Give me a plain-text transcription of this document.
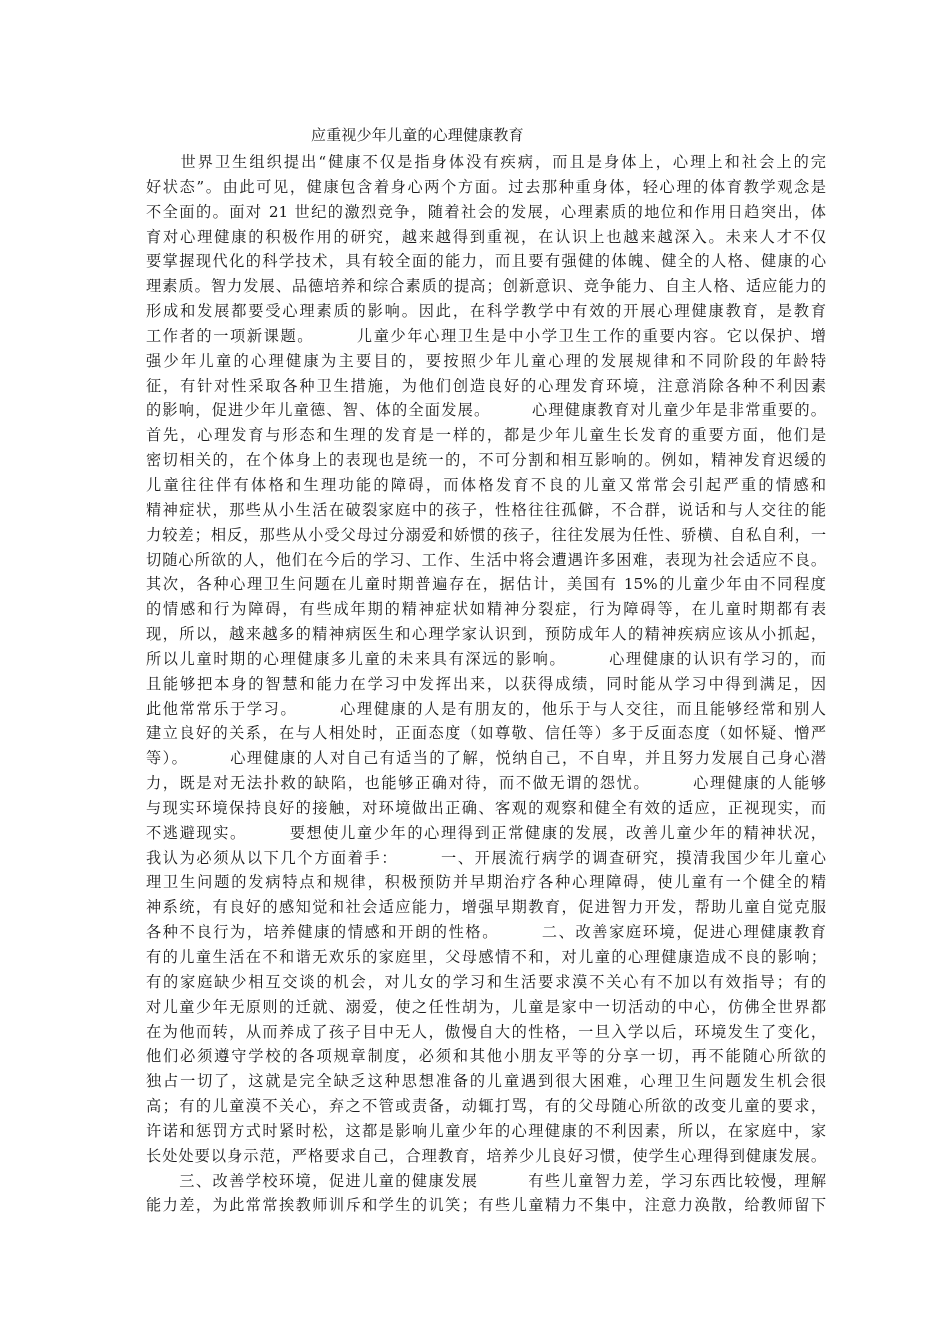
应重视少年儿童的心理健康教育
　　世界卫生组织提出“健康不仅是指身体没有疾病，而且是身体上，心理上和社会上的完
好状态”。由此可见，健康包含着身心两个方面。过去那种重身体，轻心理的体育教学观念是
不全面的。面对 21 世纪的激烈竞争，随着社会的发展，心理素质的地位和作用日趋突出，体
育对心理健康的积极作用的研究，越来越得到重视，在认识上也越来越深入。未来人才不仅
要掌握现代化的科学技术，具有较全面的能力，而且要有强健的体魄、健全的人格、健康的心
理素质。智力发展、品德培养和综合素质的提高；创新意识、竞争能力、自主人格、适应能力的
形成和发展都要受心理素质的影响。因此，在科学教学中有效的开展心理健康教育，是教育
工作者的一项新课题。　　　儿童少年心理卫生是中小学卫生工作的重要内容。它以保护、增
强少年儿童的心理健康为主要目的，要按照少年儿童心理的发展规律和不同阶段的年龄特
征，有针对性采取各种卫生措施，为他们创造良好的心理发育环境，注意消除各种不利因素
的影响，促进少年儿童德、智、体的全面发展。　　　心理健康教育对儿童少年是非常重要的。
首先，心理发育与形态和生理的发育是一样的，都是少年儿童生长发育的重要方面，他们是
密切相关的，在个体身上的表现也是统一的，不可分割和相互影响的。例如，精神发育迟缓的
儿童往往伴有体格和生理功能的障碍，而体格发育不良的儿童又常常会引起严重的情感和
精神症状，那些从小生活在破裂家庭中的孩子，性格往往孤僻，不合群，说话和与人交往的能
力较差；相反，那些从小受父母过分溺爱和娇惯的孩子，往往发展为任性、骄横、自私自利，一
切随心所欲的人，他们在今后的学习、工作、生活中将会遭遇许多困难，表现为社会适应不良。
其次，各种心理卫生问题在儿童时期普遍存在，据估计，美国有 15%的儿童少年由不同程度
的情感和行为障碍，有些成年期的精神症状如精神分裂症，行为障碍等，在儿童时期都有表
现，所以，越来越多的精神病医生和心理学家认识到，预防成年人的精神疾病应该从小抓起，
所以儿童时期的心理健康多儿童的未来具有深远的影响。　　　心理健康的认识有学习的，而
且能够把本身的智慧和能力在学习中发挥出来，以获得成绩，同时能从学习中得到满足，因
此他常常乐于学习。　　　心理健康的人是有朋友的，他乐于与人交往，而且能够经常和别人
建立良好的关系，在与人相处时，正面态度（如尊敬、信任等）多于反面态度（如怀疑、憎严
等）。　　　心理健康的人对自己有适当的了解，悦纳自己，不自卑，并且努力发展自己身心潜
力，既是对无法扑救的缺陷，也能够正确对待，而不做无谓的怨忧。　　　心理健康的人能够
与现实环境保持良好的接触，对环境做出正确、客观的观察和健全有效的适应，正视现实，而
不逃避现实。　　　要想使儿童少年的心理得到正常健康的发展，改善儿童少年的精神状况，
我认为必须从以下几个方面着手：　　　一、开展流行病学的调查研究，摸清我国少年儿童心
理卫生问题的发病特点和规律，积极预防并早期治疗各种心理障碍，使儿童有一个健全的精
神系统，有良好的感知觉和社会适应能力，增强早期教育，促进智力开发，帮助儿童自觉克服
各种不良行为，培养健康的情感和开朗的性格。　　　二、改善家庭环境，促进心理健康教育
有的儿童生活在不和谐无欢乐的家庭里，父母感情不和，对儿童的心理健康造成不良的影响；
有的家庭缺少相互交谈的机会，对儿女的学习和生活要求漠不关心有不加以有效指导；有的
对儿童少年无原则的迁就、溺爱，使之任性胡为，儿童是家中一切活动的中心，仿佛全世界都
在为他而转，从而养成了孩子目中无人，傲慢自大的性格，一旦入学以后，环境发生了变化，
他们必须遵守学校的各项规章制度，必须和其他小朋友平等的分享一切，再不能随心所欲的
独占一切了，这就是完全缺乏这种思想准备的儿童遇到很大困难，心理卫生问题发生机会很
高；有的儿童漠不关心，弃之不管或责备，动辄打骂，有的父母随心所欲的改变儿童的要求，
许诺和惩罚方式时紧时松，这都是影响儿童少年的心理健康的不利因素，所以，在家庭中，家
长处处要以身示范，严格要求自己，合理教育，培养少儿良好习惯，使学生心理得到健康发展。
　　三、改善学校环境，促进儿童的健康发展　　　有些儿童智力差，学习东西比较慢，理解
能力差，为此常常挨教师训斥和学生的讥笑；有些儿童精力不集中，注意力涣散，给教师留下
